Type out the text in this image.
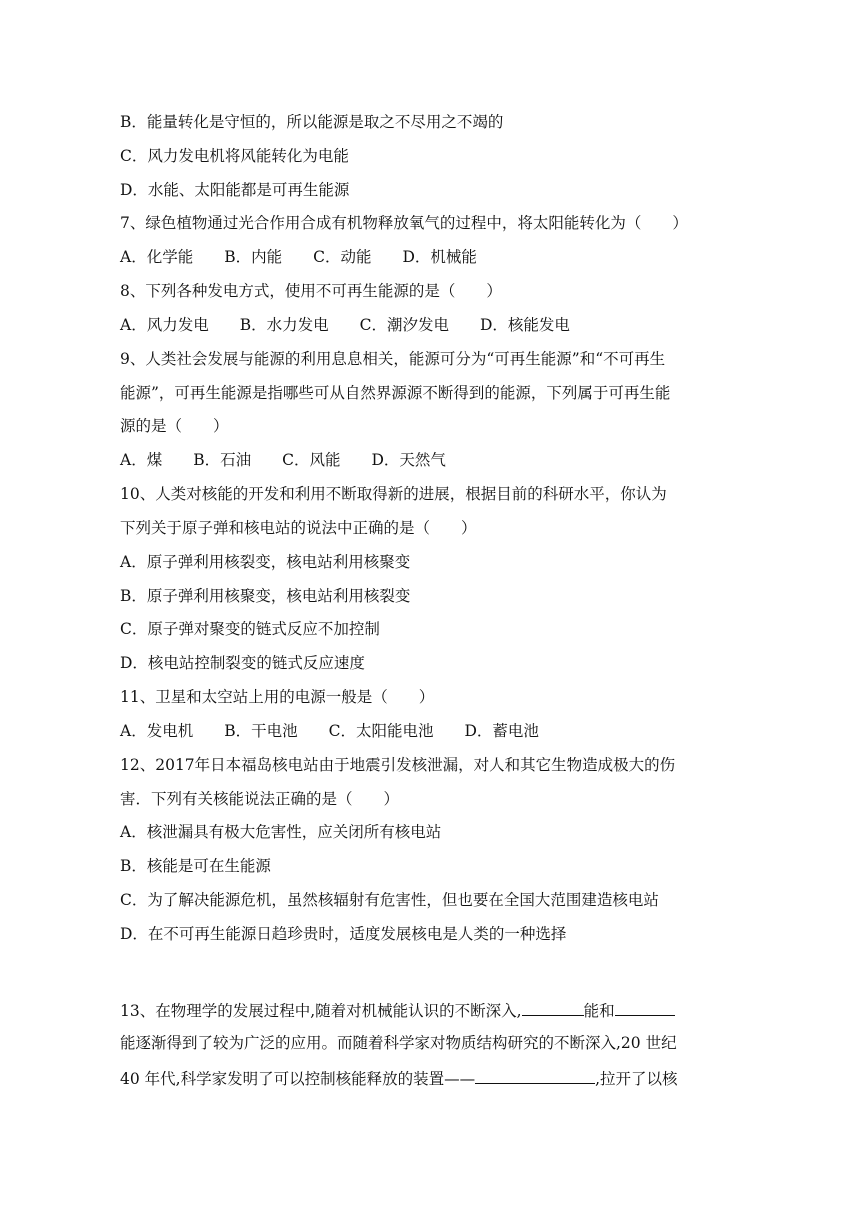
B．能量转化是守恒的，所以能源是取之不尽用之不竭的
C．风力发电机将风能转化为电能
D．水能、太阳能都是可再生能源
7、绿色植物通过光合作用合成有机物释放氧气的过程中，将太阳能转化为（　　）
A．化学能　　B．内能　　C．动能　　D．机械能
8、下列各种发电方式，使用不可再生能源的是（　　）
A．风力发电　　B．水力发电　　C．潮汐发电　　D．核能发电
9、人类社会发展与能源的利用息息相关，能源可分为“可再生能源”和“不可再生
能源”，可再生能源是指哪些可从自然界源源不断得到的能源，下列属于可再生能
源的是（　　）
A．煤　　B．石油　　C．风能　　D．天然气
10、人类对核能的开发和利用不断取得新的进展，根据目前的科研水平，你认为
下列关于原子弹和核电站的说法中正确的是（　　）
A．原子弹利用核裂变，核电站利用核聚变
B．原子弹利用核聚变，核电站利用核裂变
C．原子弹对聚变的链式反应不加控制
D．核电站控制裂变的链式反应速度
11、卫星和太空站上用的电源一般是（　　）
A．发电机　　B．干电池　　C．太阳能电池　　D．蓄电池
12、2017年日本福岛核电站由于地震引发核泄漏，对人和其它生物造成极大的伤
害．下列有关核能说法正确的是（　　）
A．核泄漏具有极大危害性，应关闭所有核电站
B．核能是可在生能源
C．为了解决能源危机，虽然核辐射有危害性，但也要在全国大范围建造核电站
D．在不可再生能源日趋珍贵时，适度发展核电是人类的一种选择
13、在物理学的发展过程中,随着对机械能认识的不断深入,	能和
能逐渐得到了较为广泛的应用。而随着科学家对物质结构研究的不断深入,20 世纪
40 年代,科学家发明了可以控制核能释放的装置——	,拉开了以核
